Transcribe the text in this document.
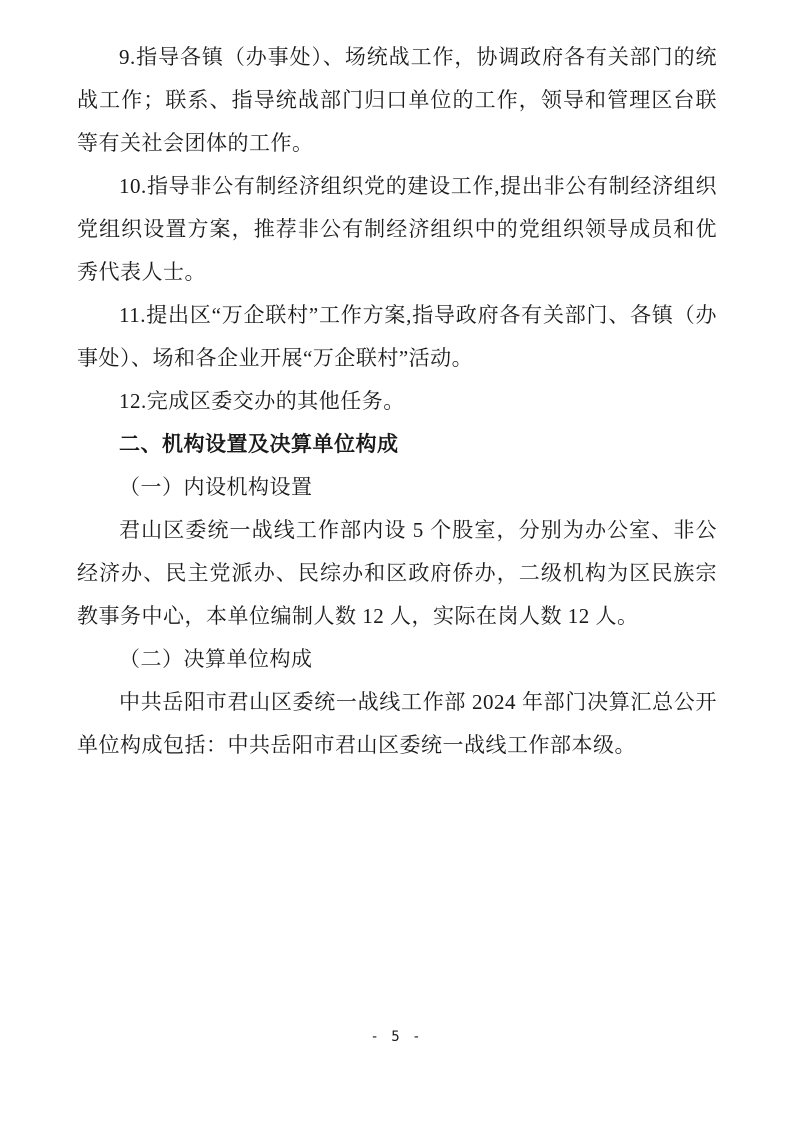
9.指导各镇（办事处）、场统战工作，协调政府各有关部门的统战工作；联系、指导统战部门归口单位的工作，领导和管理区台联等有关社会团体的工作。

10.指导非公有制经济组织党的建设工作,提出非公有制经济组织党组织设置方案，推荐非公有制经济组织中的党组织领导成员和优秀代表人士。

11.提出区“万企联村”工作方案,指导政府各有关部门、各镇（办事处）、场和各企业开展“万企联村”活动。

12.完成区委交办的其他任务。

二、机构设置及决算单位构成

（一）内设机构设置

君山区委统一战线工作部内设 5 个股室，分别为办公室、非公经济办、民主党派办、民综办和区政府侨办，二级机构为区民族宗教事务中心，本单位编制人数 12 人，实际在岗人数 12 人。

（二）决算单位构成

中共岳阳市君山区委统一战线工作部 2024 年部门决算汇总公开单位构成包括：中共岳阳市君山区委统一战线工作部本级。

- 5 -
